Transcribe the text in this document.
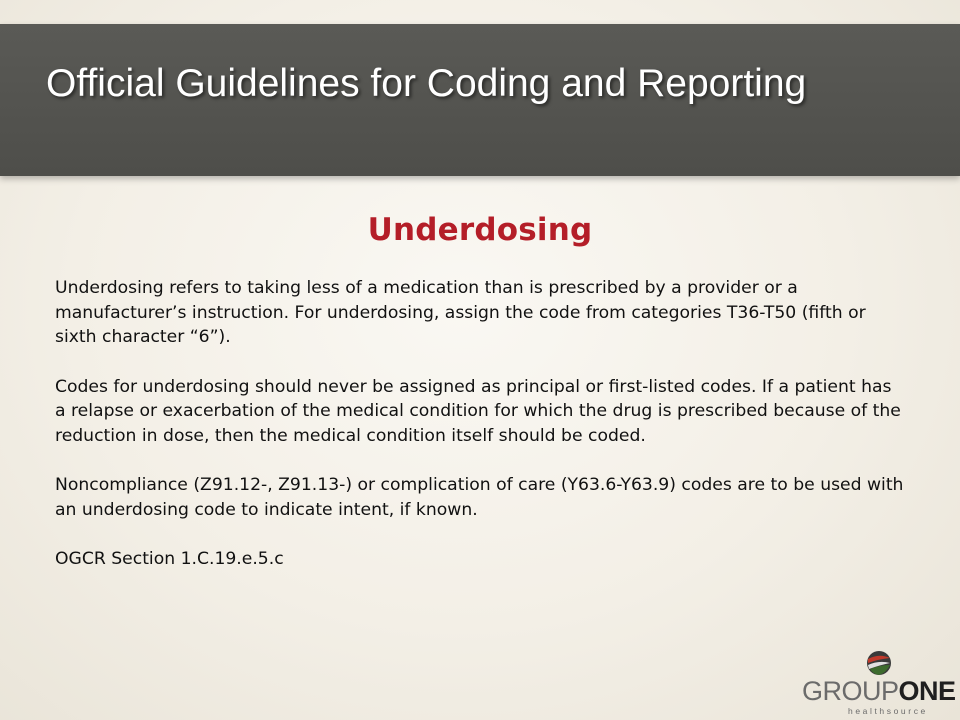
Official Guidelines for Coding and Reporting
Underdosing

Underdosing refers to taking less of a medication than is prescribed by a provider or a manufacturer’s instruction. For underdosing, assign the code from categories T36-T50 (fifth or sixth character “6”).

Codes for underdosing should never be assigned as principal or first-listed codes. If a patient has a relapse or exacerbation of the medical condition for which the drug is prescribed because of the reduction in dose, then the medical condition itself should be coded.

Noncompliance (Z91.12-, Z91.13-) or complication of care (Y63.6-Y63.9) codes are to be used with an underdosing code to indicate intent, if known.

OGCR Section 1.C.19.e.5.c

GROUPONE
healthsource
